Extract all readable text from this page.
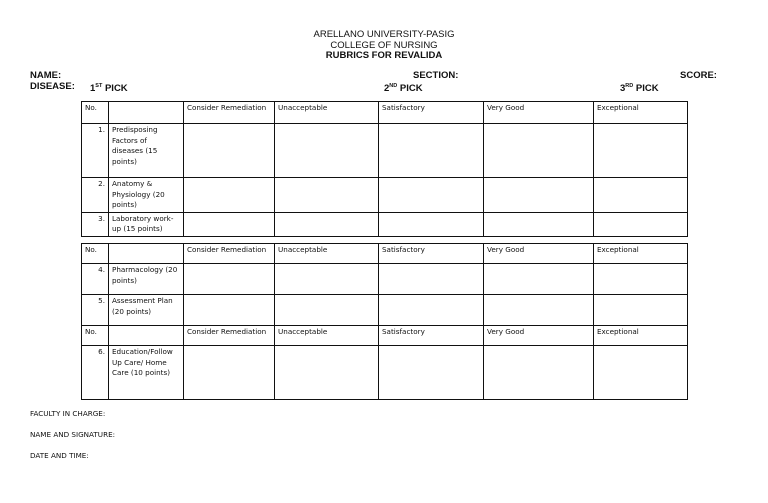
ARELLANO UNIVERSITY-PASIG
COLLEGE OF NURSING
RUBRICS FOR REVALIDA
NAME:	SECTION:	SCORE:
DISEASE: 1ST PICK	2ND PICK	3RD PICK
No.		Consider Remediation	Unacceptable	Satisfactory	Very Good	Exceptional
1.	Predisposing Factors of diseases (15 points)					
2.	Anatomy & Physiology (20 points)					
3.	Laboratory work-up (15 points)					
No.		Consider Remediation	Unacceptable	Satisfactory	Very Good	Exceptional
4.	Pharmacology (20 points)					
5.	Assessment Plan (20 points)					
No.		Consider Remediation	Unacceptable	Satisfactory	Very Good	Exceptional
6.	Education/Follow Up Care/ Home Care (10 points)					
FACULTY IN CHARGE:
NAME AND SIGNATURE:
DATE AND TIME:
